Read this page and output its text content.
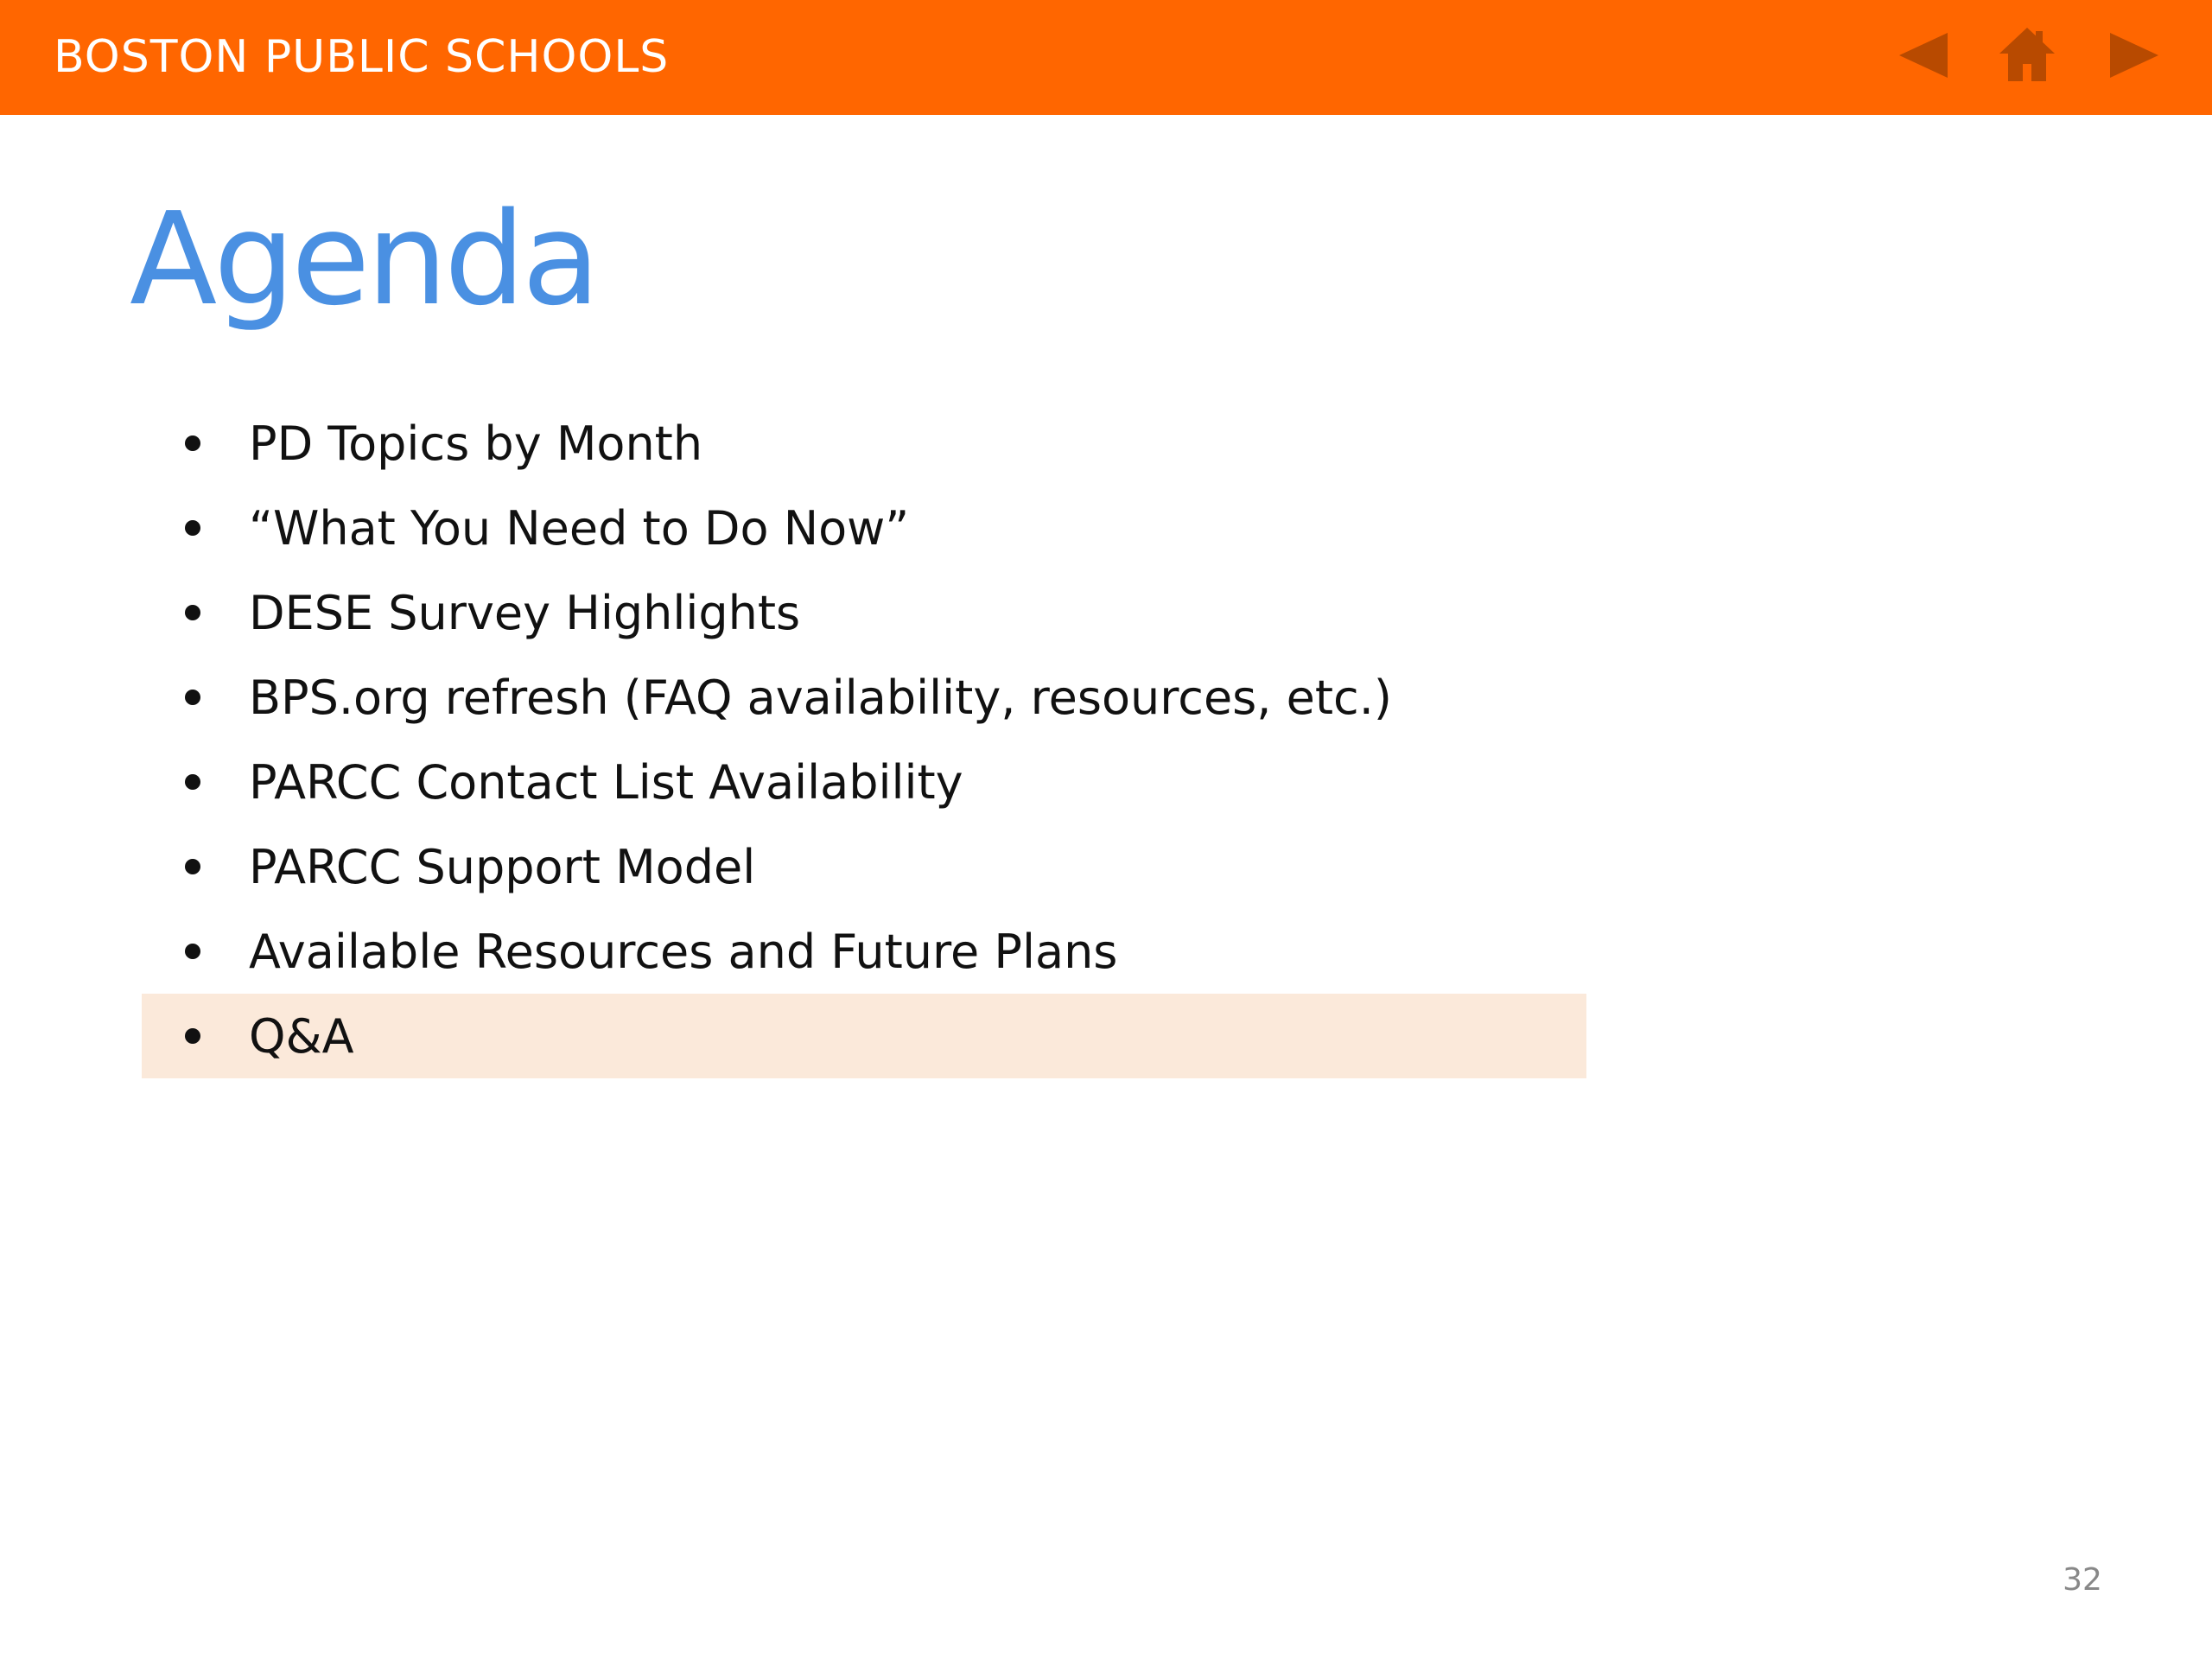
BOSTON PUBLIC SCHOOLS
Agenda
PD Topics by Month
“What You Need to Do Now”
DESE Survey Highlights
BPS.org refresh (FAQ availability, resources, etc.)
PARCC Contact List Availability
PARCC Support Model
Available Resources and Future Plans
Q&A
32
